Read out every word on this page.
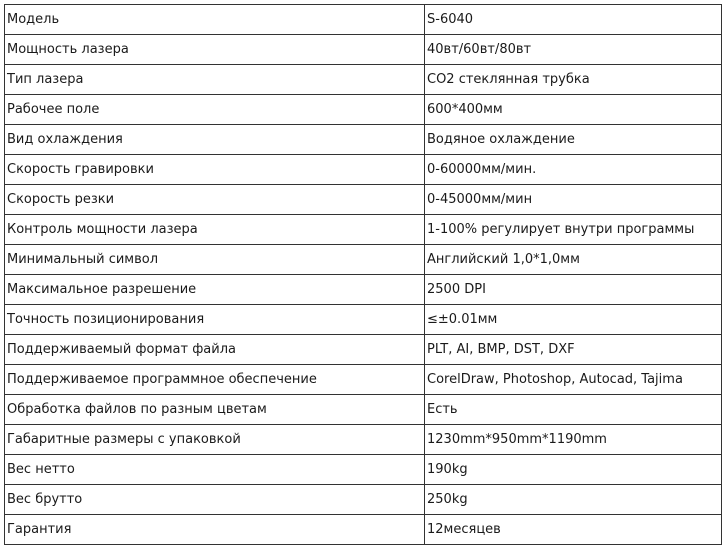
Модель	S-6040
Мощность лазера	40вт/60вт/80вт
Тип лазера	CO2 стеклянная трубка
Рабочее поле	600*400мм
Вид охлаждения	Водяное охлаждение
Скорость гравировки	0-60000мм/мин.
Скорость резки	0-45000мм/мин
Контроль мощности лазера	1-100% регулирует внутри программы
Минимальный символ	Английский 1,0*1,0мм
Максимальное разрешение	2500 DPI
Точность позиционирования	≤±0.01мм
Поддерживаемый формат файла	PLT, AI, BMP, DST, DXF
Поддерживаемое программное обеспечение	CorelDraw, Photoshop, Autocad, Tajima
Обработка файлов по разным цветам	Есть
Габаритные размеры с упаковкой	1230mm*950mm*1190mm
Вес нетто	190kg
Вес брутто	250kg
Гарантия	12месяцев
